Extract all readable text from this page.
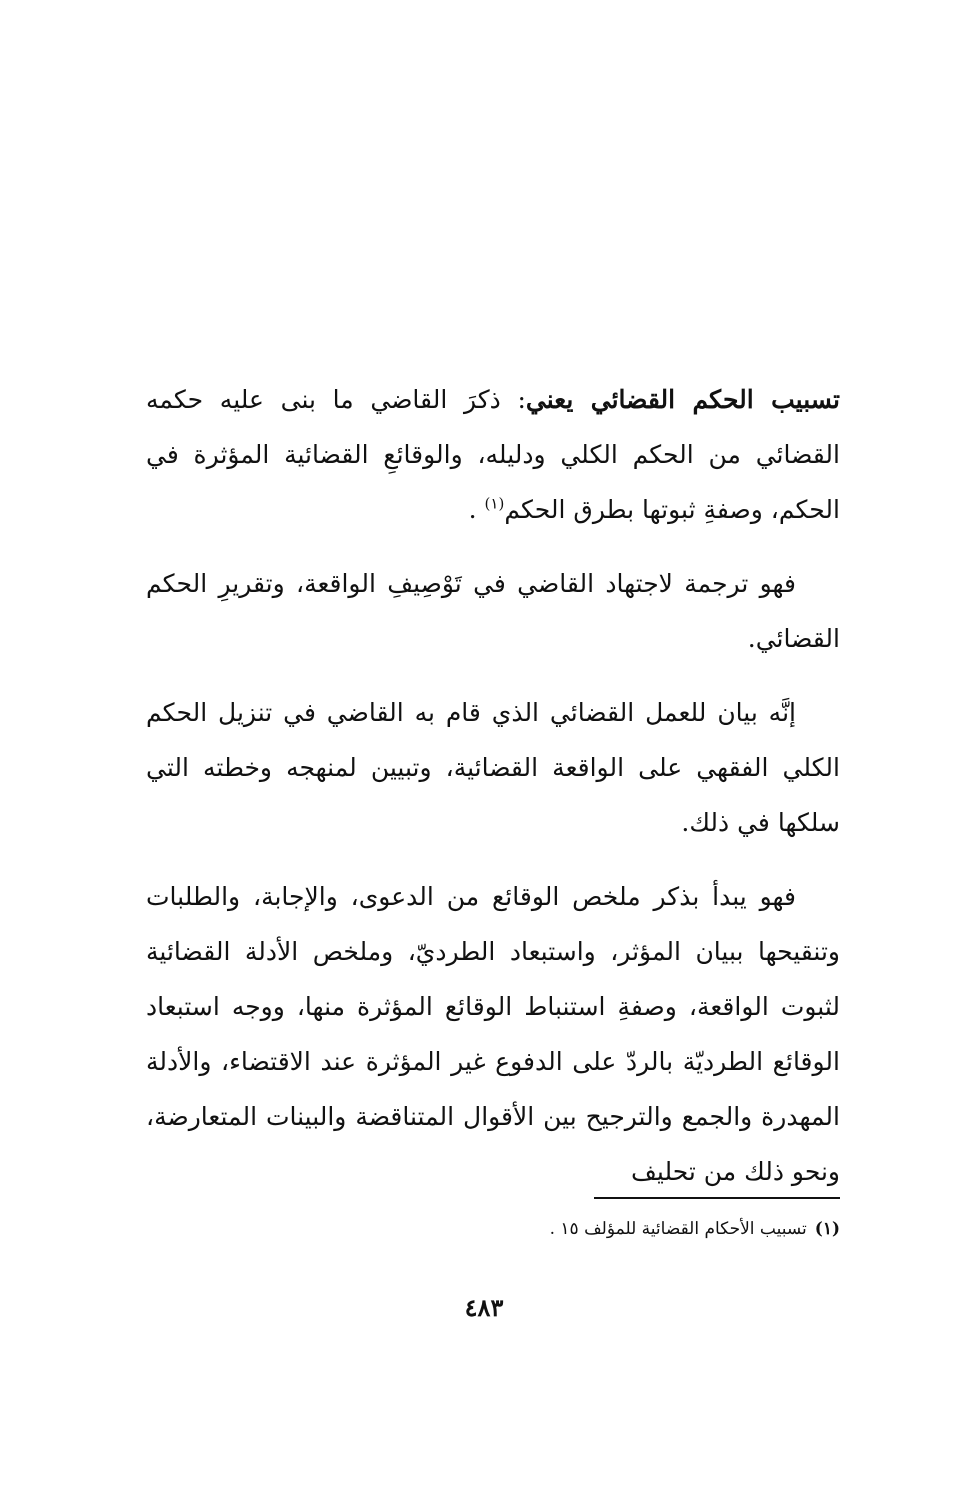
تسبيب الحكم القضائي يعني: ذكرَ القاضي ما بنى عليه حكمه القضائي من الحكم الكلي ودليله، والوقائعِ القضائية المؤثرة في الحكم، وصفةِ ثبوتها بطرق الحكم$^{(١)}$ .

فهو ترجمة لاجتهاد القاضي في تَوْصِيفِ الواقعة، وتقريرِ الحكم القضائي.

إنَّه بيان للعمل القضائي الذي قام به القاضي في تنزيل الحكم الكلي الفقهي على الواقعة القضائية، وتبيين لمنهجه وخطته التي سلكها في ذلك.

فهو يبدأ بذكر ملخص الوقائع من الدعوى، والإجابة، والطلبات وتنقيحها ببيان المؤثر، واستبعاد الطرديّ، وملخص الأدلة القضائية لثبوت الواقعة، وصفةِ استنباط الوقائع المؤثرة منها، ووجه استبعاد الوقائع الطرديّة بالردّ على الدفوع غير المؤثرة عند الاقتضاء، والأدلة المهدرة والجمع والترجيح بين الأقوال المتناقضة والبينات المتعارضة، ونحو ذلك من تحليف

(١)تسبيب الأحكام القضائية للمؤلف ١٥ .
٤٨٣
